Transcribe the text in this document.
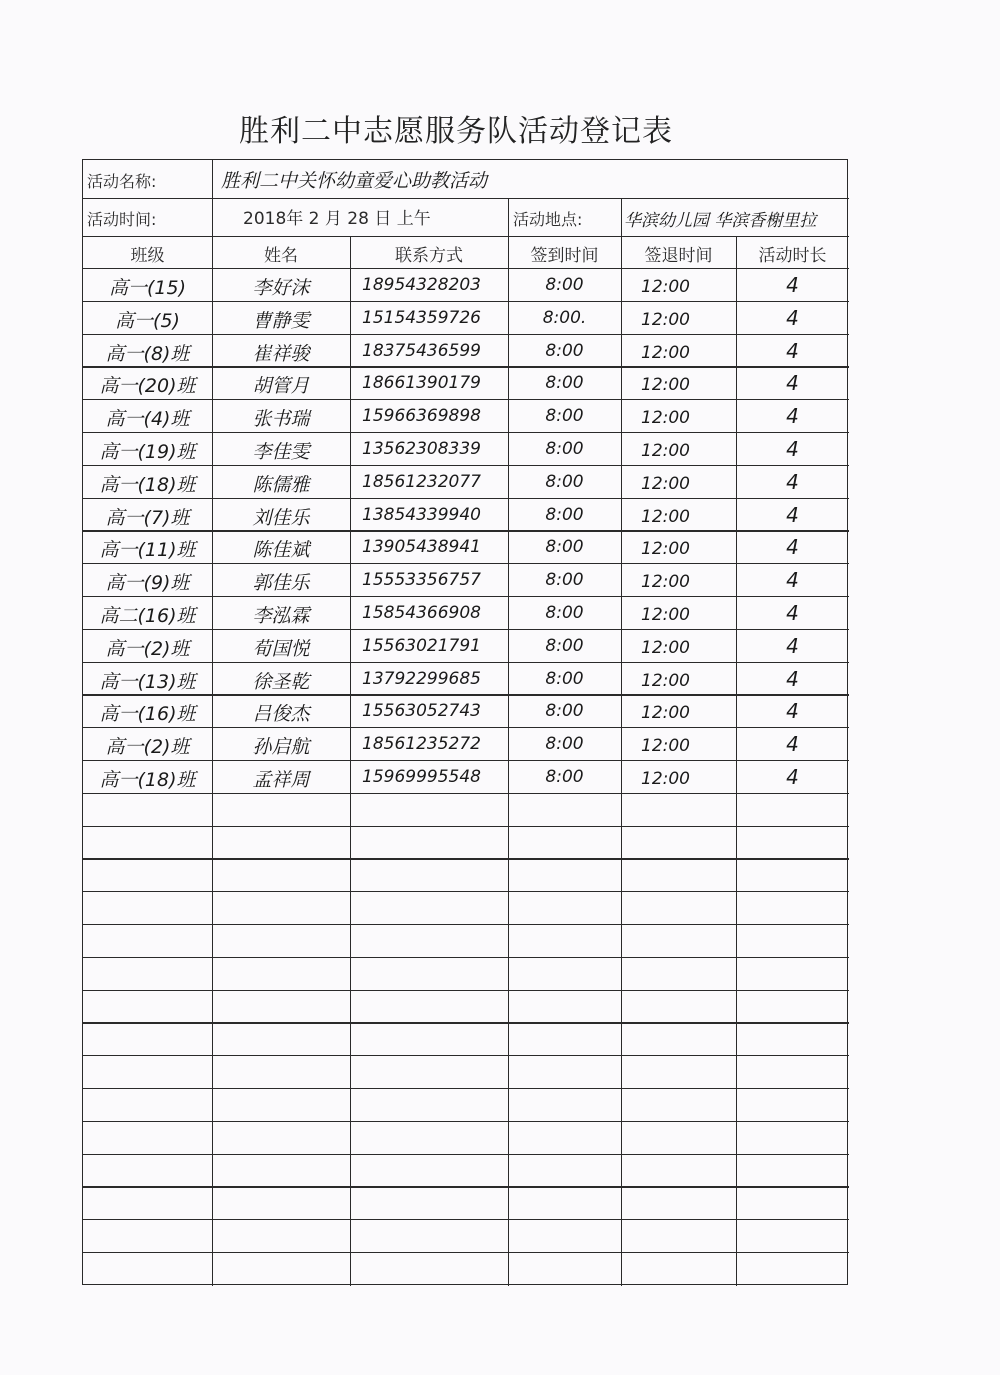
胜利二中志愿服务队活动登记表
活动名称:	胜利二中关怀幼童爱心助教活动
活动时间:	2018年 2 月 28 日 上午	活动地点:	华滨幼儿园 华滨香榭里拉
班级	姓名	联系方式	签到时间	签退时间	活动时长
高一(15)	李好沫	18954328203	8:00	12:00	4
高一(5)	曹静雯	15154359726	8:00.	12:00	4
高一(8)班	崔祥骏	18375436599	8:00	12:00	4
高一(20)班	胡管月	18661390179	8:00	12:00	4
高一(4)班	张书瑞	15966369898	8:00	12:00	4
高一(19)班	李佳雯	13562308339	8:00	12:00	4
高一(18)班	陈儒雅	18561232077	8:00	12:00	4
高一(7)班	刘佳乐	13854339940	8:00	12:00	4
高一(11)班	陈佳斌	13905438941	8:00	12:00	4
高一(9)班	郭佳乐	15553356757	8:00	12:00	4
高二(16)班	李泓霖	15854366908	8:00	12:00	4
高一(2)班	荀国悦	15563021791	8:00	12:00	4
高一(13)班	徐圣乾	13792299685	8:00	12:00	4
高一(16)班	吕俊杰	15563052743	8:00	12:00	4
高一(2)班	孙启航	18561235272	8:00	12:00	4
高一(18)班	孟祥周	15969995548	8:00	12:00	4
